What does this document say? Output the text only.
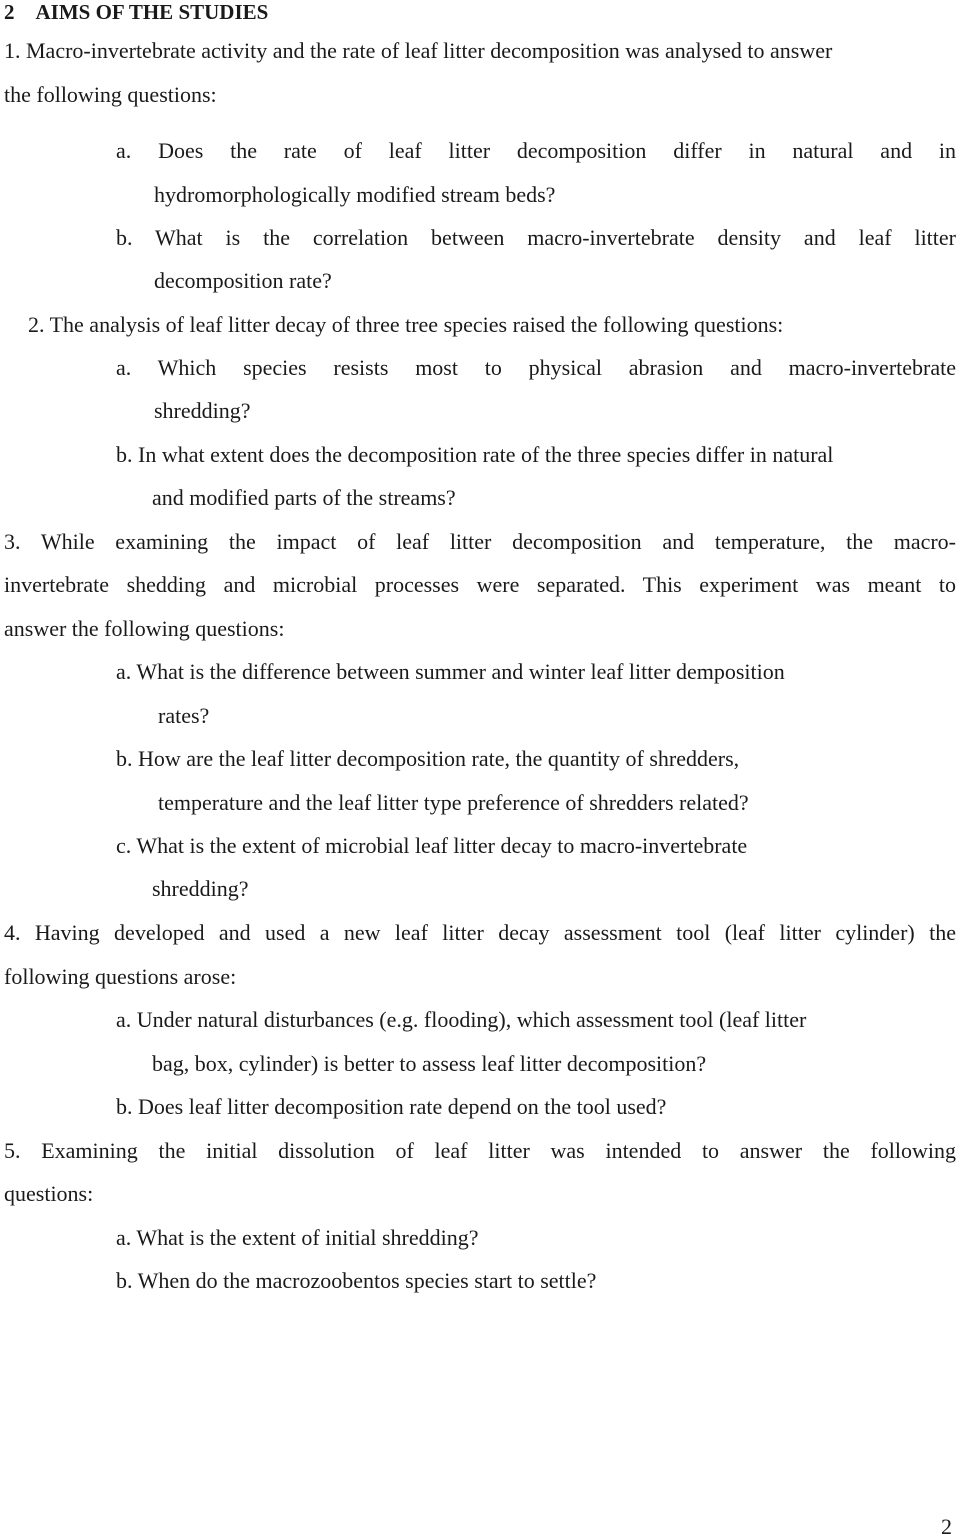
2 AIMS OF THE STUDIES
1. Macro-invertebrate activity and the rate of leaf litter decomposition was analysed to answer
the following questions:
a. Does the rate of leaf litter decomposition differ in natural and in
hydromorphologically modified stream beds?
b. What is the correlation between macro-invertebrate density and leaf litter
decomposition rate?
2. The analysis of leaf litter decay of three tree species raised the following questions:
a. Which species resists most to physical abrasion and macro-invertebrate
shredding?
b. In what extent does the decomposition rate of the three species differ in natural
and modified parts of the streams?
3. While examining the impact of leaf litter decomposition and temperature, the macro-
invertebrate shedding and microbial processes were separated. This experiment was meant to
answer the following questions:
a. What is the difference between summer and winter leaf litter demposition
rates?
b. How are the leaf litter decomposition rate, the quantity of shredders,
temperature and the leaf litter type preference of shredders related?
c. What is the extent of microbial leaf litter decay to macro-invertebrate
shredding?
4. Having developed and used a new leaf litter decay assessment tool (leaf litter cylinder) the
following questions arose:
a. Under natural disturbances (e.g. flooding), which assessment tool (leaf litter
bag, box, cylinder) is better to assess leaf litter decomposition?
b. Does leaf litter decomposition rate depend on the tool used?
5. Examining the initial dissolution of leaf litter was intended to answer the following
questions:
a. What is the extent of initial shredding?
b. When do the macrozoobentos species start to settle?
2
